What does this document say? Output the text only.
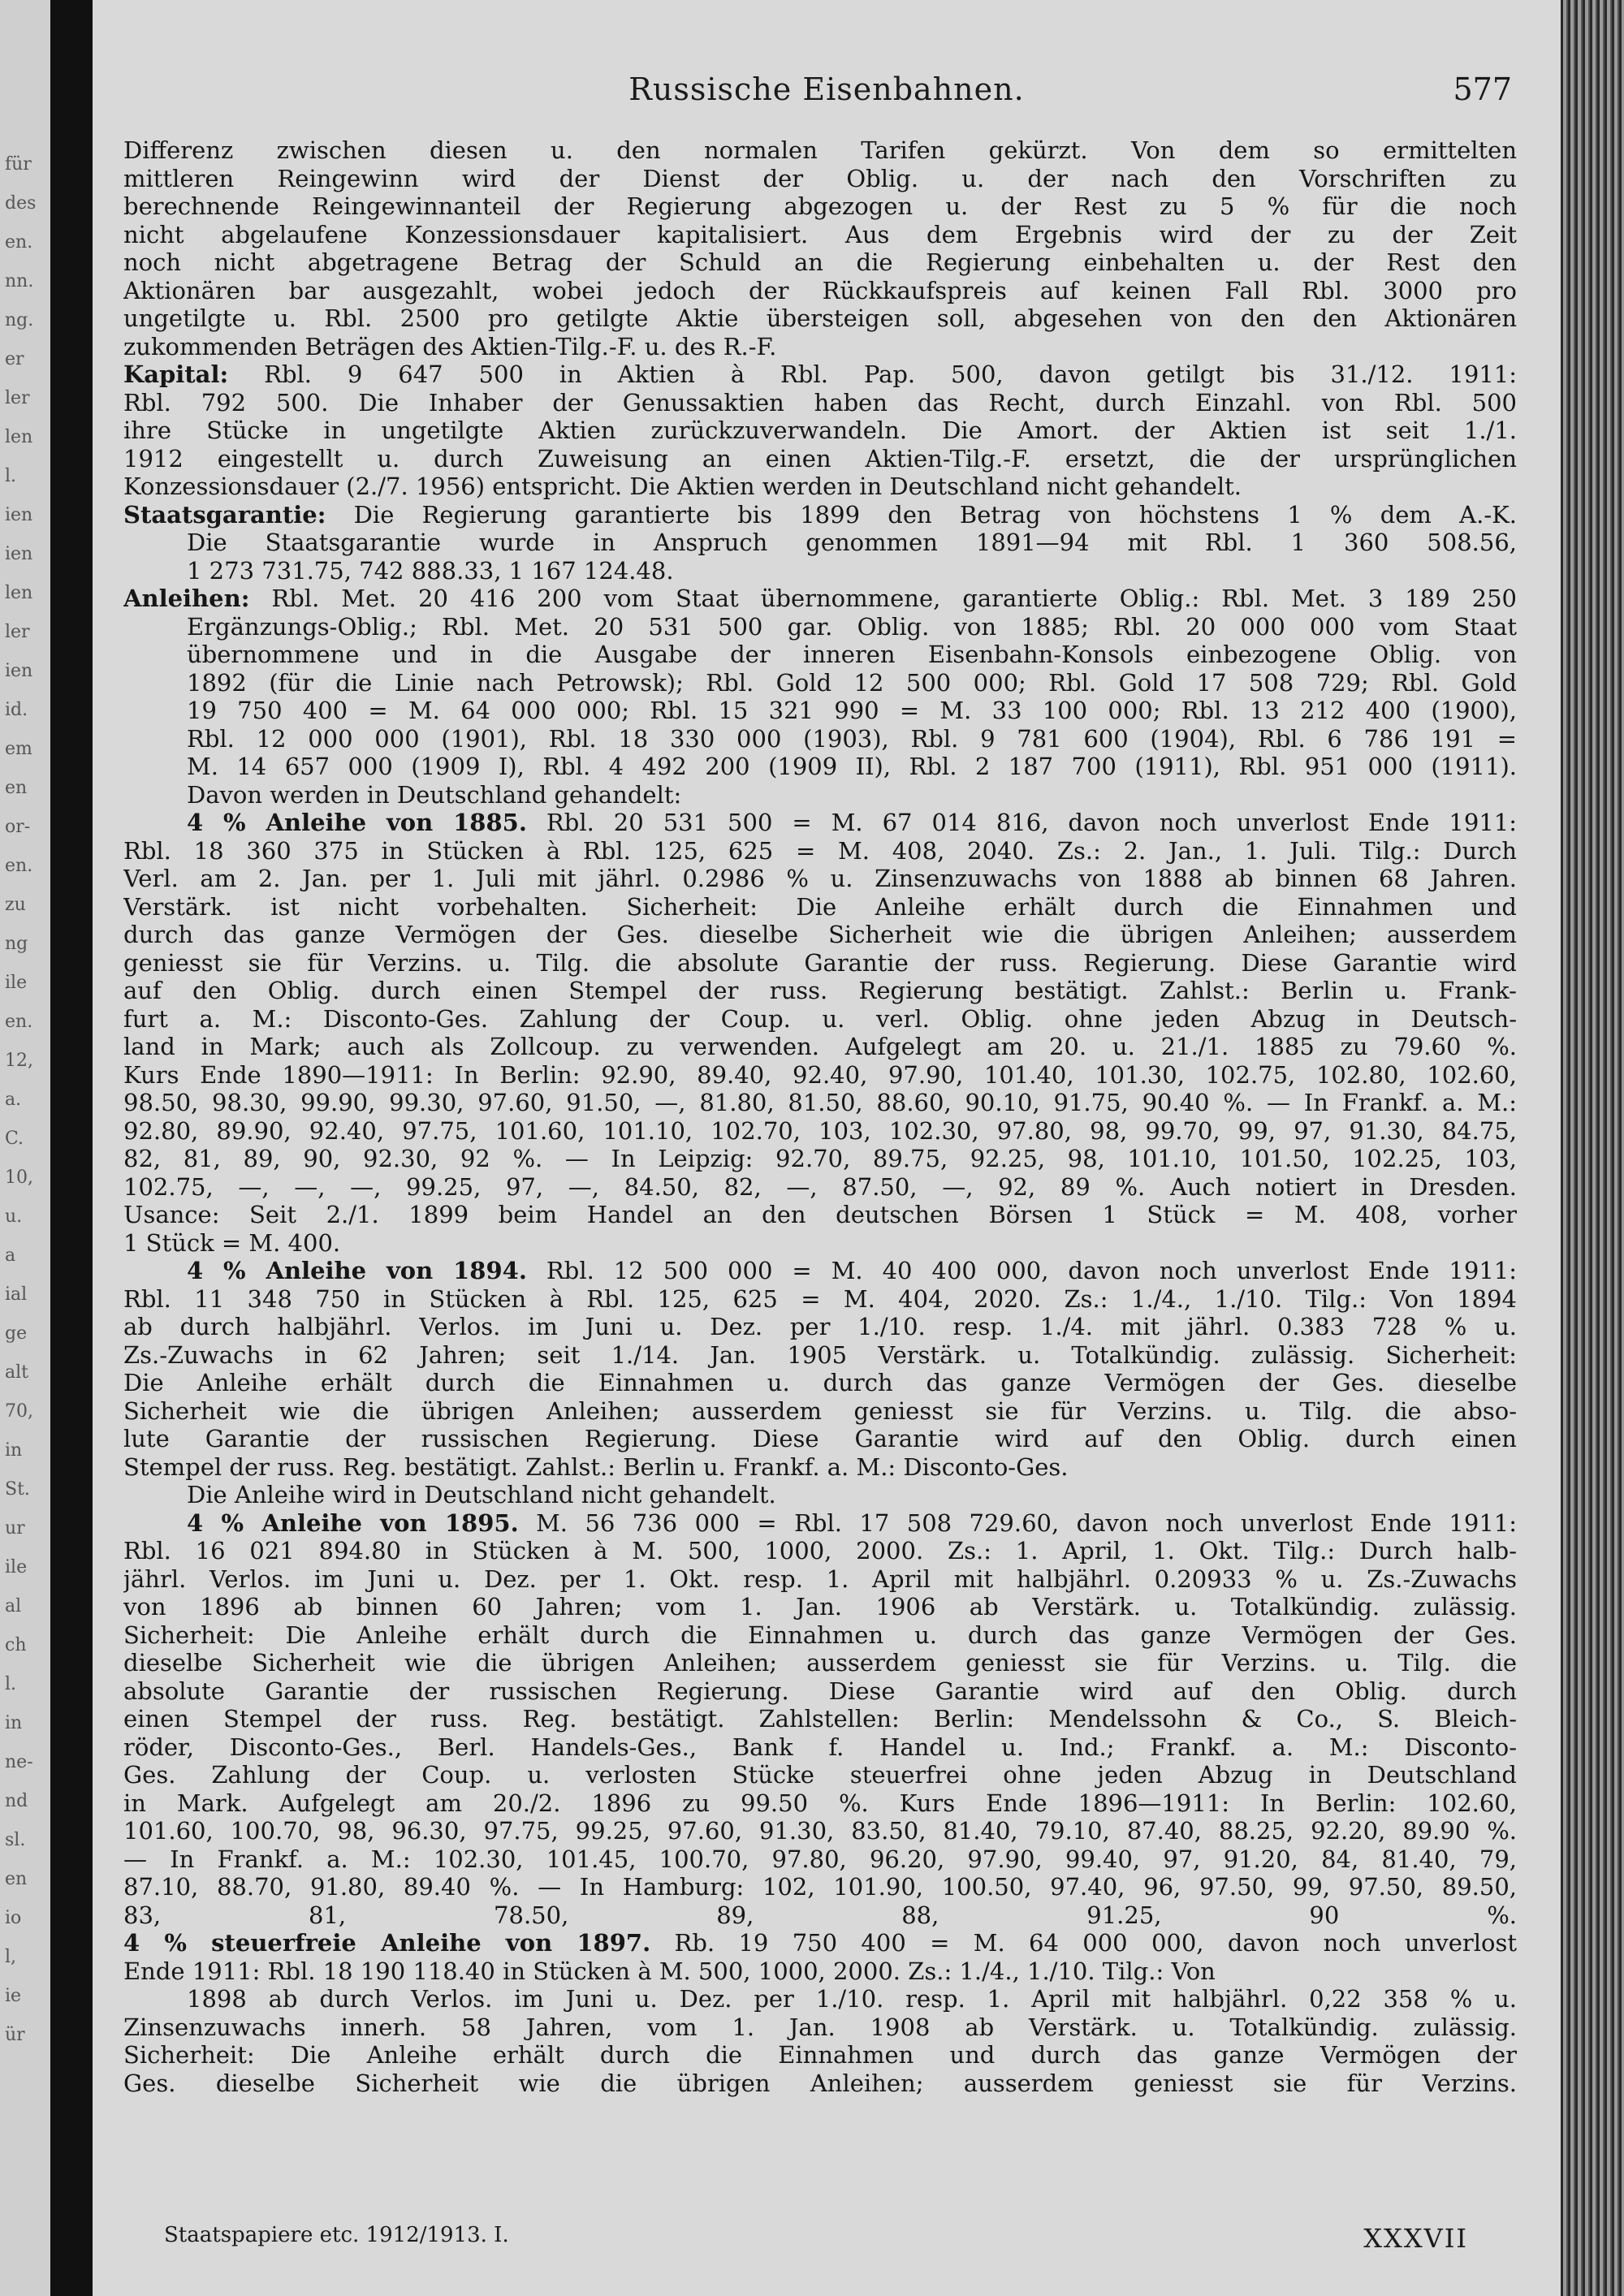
für
des
en.
nn.
ng.
er
ler
len
l.
ien
ien
len
ler
ien
id.
em
en
or-
en.
zu
ng
ile
en.
12,
a.
C.
10,
u.
a
ial
ge
alt
70,
in
St.
ur
ile
al
ch
l.
in
ne-
nd
sl.
en
io
l,
ie
ür
Russische Eisenbahnen.	577
Differenz zwischen diesen u. den normalen Tarifen gekürzt. Von dem so ermittelten
mittleren Reingewinn wird der Dienst der Oblig. u. der nach den Vorschriften zu
berechnende Reingewinnanteil der Regierung abgezogen u. der Rest zu 5 % für die noch
nicht abgelaufene Konzessionsdauer kapitalisiert. Aus dem Ergebnis wird der zu der Zeit
noch nicht abgetragene Betrag der Schuld an die Regierung einbehalten u. der Rest den
Aktionären bar ausgezahlt, wobei jedoch der Rückkaufspreis auf keinen Fall Rbl. 3000 pro
ungetilgte u. Rbl. 2500 pro getilgte Aktie übersteigen soll, abgesehen von den den Aktionären
zukommenden Beträgen des Aktien-Tilg.-F. u. des R.-F.
Kapital: Rbl. 9 647 500 in Aktien à Rbl. Pap. 500, davon getilgt bis 31./12. 1911:
Rbl. 792 500. Die Inhaber der Genussaktien haben das Recht, durch Einzahl. von Rbl. 500
ihre Stücke in ungetilgte Aktien zurückzuverwandeln. Die Amort. der Aktien ist seit 1./1.
1912 eingestellt u. durch Zuweisung an einen Aktien-Tilg.-F. ersetzt, die der ursprünglichen
Konzessionsdauer (2./7. 1956) entspricht. Die Aktien werden in Deutschland nicht gehandelt.
Staatsgarantie: Die Regierung garantierte bis 1899 den Betrag von höchstens 1 % dem A.-K.
Die Staatsgarantie wurde in Anspruch genommen 1891—94 mit Rbl. 1 360 508.56,
1 273 731.75, 742 888.33, 1 167 124.48.
Anleihen: Rbl. Met. 20 416 200 vom Staat übernommene, garantierte Oblig.: Rbl. Met. 3 189 250
Ergänzungs-Oblig.; Rbl. Met. 20 531 500 gar. Oblig. von 1885; Rbl. 20 000 000 vom Staat
übernommene und in die Ausgabe der inneren Eisenbahn-Konsols einbezogene Oblig. von
1892 (für die Linie nach Petrowsk); Rbl. Gold 12 500 000; Rbl. Gold 17 508 729; Rbl. Gold
19 750 400 = M. 64 000 000; Rbl. 15 321 990 = M. 33 100 000; Rbl. 13 212 400 (1900),
Rbl. 12 000 000 (1901), Rbl. 18 330 000 (1903), Rbl. 9 781 600 (1904), Rbl. 6 786 191 =
M. 14 657 000 (1909 I), Rbl. 4 492 200 (1909 II), Rbl. 2 187 700 (1911), Rbl. 951 000 (1911).
Davon werden in Deutschland gehandelt:
4 % Anleihe von 1885. Rbl. 20 531 500 = M. 67 014 816, davon noch unverlost Ende 1911:
Rbl. 18 360 375 in Stücken à Rbl. 125, 625 = M. 408, 2040. Zs.: 2. Jan., 1. Juli. Tilg.: Durch
Verl. am 2. Jan. per 1. Juli mit jährl. 0.2986 % u. Zinsenzuwachs von 1888 ab binnen 68 Jahren.
Verstärk. ist nicht vorbehalten. Sicherheit: Die Anleihe erhält durch die Einnahmen und
durch das ganze Vermögen der Ges. dieselbe Sicherheit wie die übrigen Anleihen; ausserdem
geniesst sie für Verzins. u. Tilg. die absolute Garantie der russ. Regierung. Diese Garantie wird
auf den Oblig. durch einen Stempel der russ. Regierung bestätigt. Zahlst.: Berlin u. Frank-
furt a. M.: Disconto-Ges. Zahlung der Coup. u. verl. Oblig. ohne jeden Abzug in Deutsch-
land in Mark; auch als Zollcoup. zu verwenden. Aufgelegt am 20. u. 21./1. 1885 zu 79.60 %.
Kurs Ende 1890—1911: In Berlin: 92.90, 89.40, 92.40, 97.90, 101.40, 101.30, 102.75, 102.80, 102.60,
98.50, 98.30, 99.90, 99.30, 97.60, 91.50, —, 81.80, 81.50, 88.60, 90.10, 91.75, 90.40 %. — In Frankf. a. M.:
92.80, 89.90, 92.40, 97.75, 101.60, 101.10, 102.70, 103, 102.30, 97.80, 98, 99.70, 99, 97, 91.30, 84.75,
82, 81, 89, 90, 92.30, 92 %. — In Leipzig: 92.70, 89.75, 92.25, 98, 101.10, 101.50, 102.25, 103,
102.75, —, —, —, 99.25, 97, —, 84.50, 82, —, 87.50, —, 92, 89 %. Auch notiert in Dresden.
Usance: Seit 2./1. 1899 beim Handel an den deutschen Börsen 1 Stück = M. 408, vorher
1 Stück = M. 400.
4 % Anleihe von 1894. Rbl. 12 500 000 = M. 40 400 000, davon noch unverlost Ende 1911:
Rbl. 11 348 750 in Stücken à Rbl. 125, 625 = M. 404, 2020. Zs.: 1./4., 1./10. Tilg.: Von 1894
ab durch halbjährl. Verlos. im Juni u. Dez. per 1./10. resp. 1./4. mit jährl. 0.383 728 % u.
Zs.-Zuwachs in 62 Jahren; seit 1./14. Jan. 1905 Verstärk. u. Totalkündig. zulässig. Sicherheit:
Die Anleihe erhält durch die Einnahmen u. durch das ganze Vermögen der Ges. dieselbe
Sicherheit wie die übrigen Anleihen; ausserdem geniesst sie für Verzins. u. Tilg. die abso-
lute Garantie der russischen Regierung. Diese Garantie wird auf den Oblig. durch einen
Stempel der russ. Reg. bestätigt. Zahlst.: Berlin u. Frankf. a. M.: Disconto-Ges.
Die Anleihe wird in Deutschland nicht gehandelt.
4 % Anleihe von 1895. M. 56 736 000 = Rbl. 17 508 729.60, davon noch unverlost Ende 1911:
Rbl. 16 021 894.80 in Stücken à M. 500, 1000, 2000. Zs.: 1. April, 1. Okt. Tilg.: Durch halb-
jährl. Verlos. im Juni u. Dez. per 1. Okt. resp. 1. April mit halbjährl. 0.20933 % u. Zs.-Zuwachs
von 1896 ab binnen 60 Jahren; vom 1. Jan. 1906 ab Verstärk. u. Totalkündig. zulässig.
Sicherheit: Die Anleihe erhält durch die Einnahmen u. durch das ganze Vermögen der Ges.
dieselbe Sicherheit wie die übrigen Anleihen; ausserdem geniesst sie für Verzins. u. Tilg. die
absolute Garantie der russischen Regierung. Diese Garantie wird auf den Oblig. durch
einen Stempel der russ. Reg. bestätigt. Zahlstellen: Berlin: Mendelssohn & Co., S. Bleich-
röder, Disconto-Ges., Berl. Handels-Ges., Bank f. Handel u. Ind.; Frankf. a. M.: Disconto-
Ges. Zahlung der Coup. u. verlosten Stücke steuerfrei ohne jeden Abzug in Deutschland
in Mark. Aufgelegt am 20./2. 1896 zu 99.50 %. Kurs Ende 1896—1911: In Berlin: 102.60,
101.60, 100.70, 98, 96.30, 97.75, 99.25, 97.60, 91.30, 83.50, 81.40, 79.10, 87.40, 88.25, 92.20, 89.90 %.
— In Frankf. a. M.: 102.30, 101.45, 100.70, 97.80, 96.20, 97.90, 99.40, 97, 91.20, 84, 81.40, 79,
87.10, 88.70, 91.80, 89.40 %. — In Hamburg: 102, 101.90, 100.50, 97.40, 96, 97.50, 99, 97.50, 89.50,
83, 81, 78.50, 89, 88, 91.25, 90 %.
4 % steuerfreie Anleihe von 1897. Rb. 19 750 400 = M. 64 000 000, davon noch unverlost
Ende 1911: Rbl. 18 190 118.40 in Stücken à M. 500, 1000, 2000. Zs.: 1./4., 1./10. Tilg.: Von
1898 ab durch Verlos. im Juni u. Dez. per 1./10. resp. 1. April mit halbjährl. 0,22 358 % u.
Zinsenzuwachs innerh. 58 Jahren, vom 1. Jan. 1908 ab Verstärk. u. Totalkündig. zulässig.
Sicherheit: Die Anleihe erhält durch die Einnahmen und durch das ganze Vermögen der
Ges. dieselbe Sicherheit wie die übrigen Anleihen; ausserdem geniesst sie für Verzins.
Staatspapiere etc. 1912/1913. I.	XXXVII
